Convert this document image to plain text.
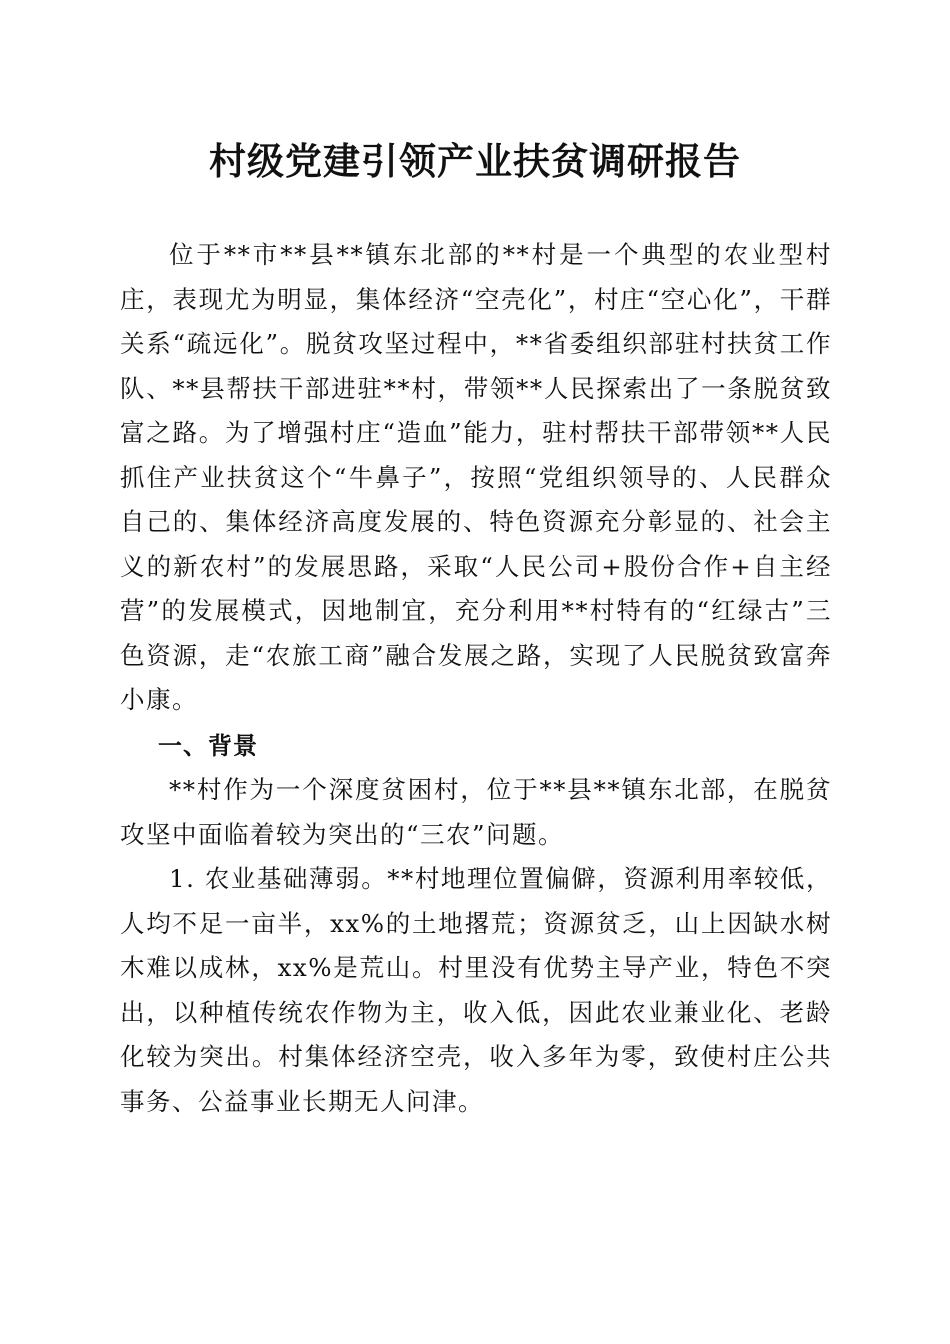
村级党建引领产业扶贫调研报告

位于**市**县**镇东北部的**村是一个典型的农业型村庄，表现尤为明显，集体经济“空壳化”，村庄“空心化”，干群关系“疏远化”。脱贫攻坚过程中，**省委组织部驻村扶贫工作队、**县帮扶干部进驻**村，带领**人民探索出了一条脱贫致富之路。为了增强村庄“造血”能力，驻村帮扶干部带领**人民抓住产业扶贫这个“牛鼻子”，按照“党组织领导的、人民群众自己的、集体经济高度发展的、特色资源充分彰显的、社会主义的新农村”的发展思路，采取“人民公司+股份合作+自主经营”的发展模式，因地制宜，充分利用**村特有的“红绿古”三色资源，走“农旅工商”融合发展之路，实现了人民脱贫致富奔小康。

一、背景

**村作为一个深度贫困村，位于**县**镇东北部，在脱贫攻坚中面临着较为突出的“三农”问题。

1. 农业基础薄弱。**村地理位置偏僻，资源利用率较低，人均不足一亩半，xx%的土地撂荒；资源贫乏，山上因缺水树木难以成林，xx%是荒山。村里没有优势主导产业，特色不突出，以种植传统农作物为主，收入低，因此农业兼业化、老龄化较为突出。村集体经济空壳，收入多年为零，致使村庄公共事务、公益事业长期无人问津。
